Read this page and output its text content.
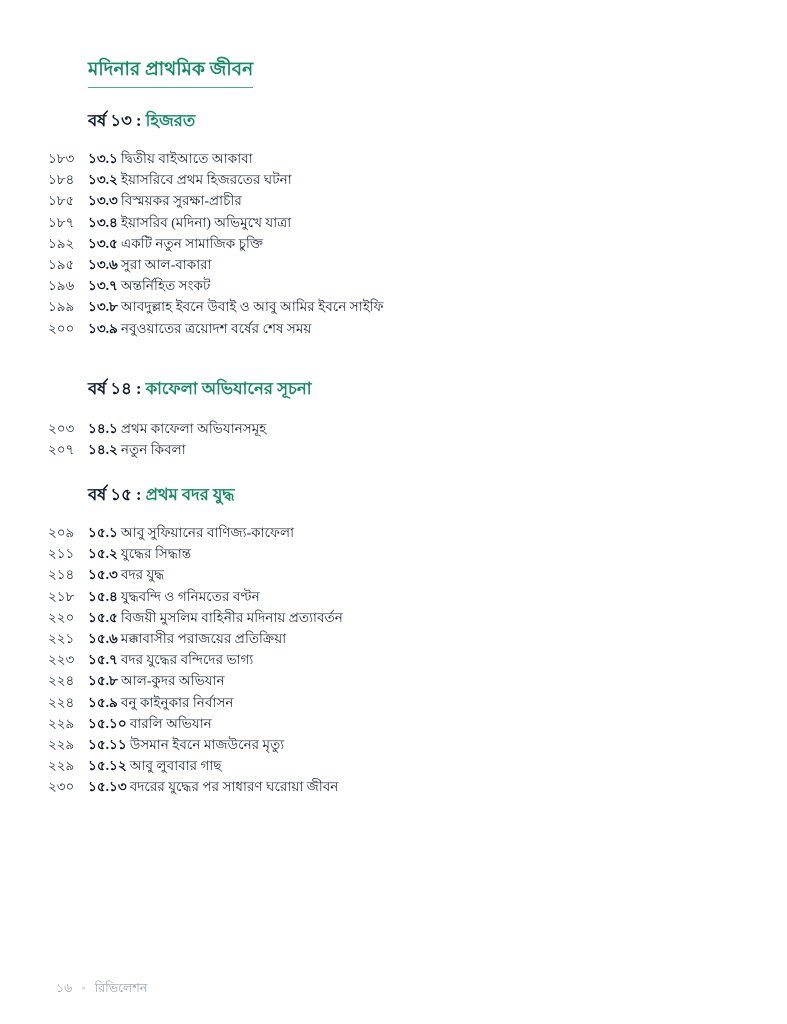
মদিনার প্রাথমিক জীবন
বর্ষ ১৩ : হিজরত
১৮৩	১৩.১ দ্বিতীয় বাইআতে আকাবা
১৮৪	১৩.২ ইয়াসরিবে প্রথম হিজরতের ঘটনা
১৮৫	১৩.৩ বিস্ময়কর সুরক্ষা-প্রাচীর
১৮৭	১৩.৪ ইয়াসরিব (মদিনা) অভিমুখে যাত্রা
১৯২	১৩.৫ একটি নতুন সামাজিক চুক্তি
১৯৫	১৩.৬ সুরা আল-বাকারা
১৯৬	১৩.৭ অন্তর্নিহিত সংকট
১৯৯	১৩.৮ আবদুল্লাহ ইবনে উবাই ও আবু আমির ইবনে সাইফি
২০০	১৩.৯ নবুওয়াতের ত্রয়োদশ বর্ষের শেষ সময়
বর্ষ ১৪ : কাফেলা অভিযানের সূচনা
২০৩	১৪.১ প্রথম কাফেলা অভিযানসমূহ
২০৭	১৪.২ নতুন কিবলা
বর্ষ ১৫ : প্রথম বদর যুদ্ধ
২০৯	১৫.১ আবু সুফিয়ানের বাণিজ্য-কাফেলা
২১১	১৫.২ যুদ্ধের সিদ্ধান্ত
২১৪	১৫.৩ বদর যুদ্ধ
২১৮	১৫.৪ যুদ্ধবন্দি ও গনিমতের বণ্টন
২২০	১৫.৫ বিজয়ী মুসলিম বাহিনীর মদিনায় প্রত্যাবর্তন
২২১	১৫.৬ মক্কাবাসীর পরাজয়ের প্রতিক্রিয়া
২২৩	১৫.৭ বদর যুদ্ধের বন্দিদের ভাগ্য
২২৪	১৫.৮ আল-কুদর অভিযান
২২৪	১৫.৯ বনু কাইনুকার নির্বাসন
২২৯	১৫.১০ বারলি অভিযান
২২৯	১৫.১১ উসমান ইবনে মাজউনের মৃত্যু
২২৯	১৫.১২ আবু লুবাবার গাছ
২৩০	১৫.১৩ বদরের যুদ্ধের পর সাধারণ ঘরোয়া জীবন
১৬ ∘ রিভিলেশন
